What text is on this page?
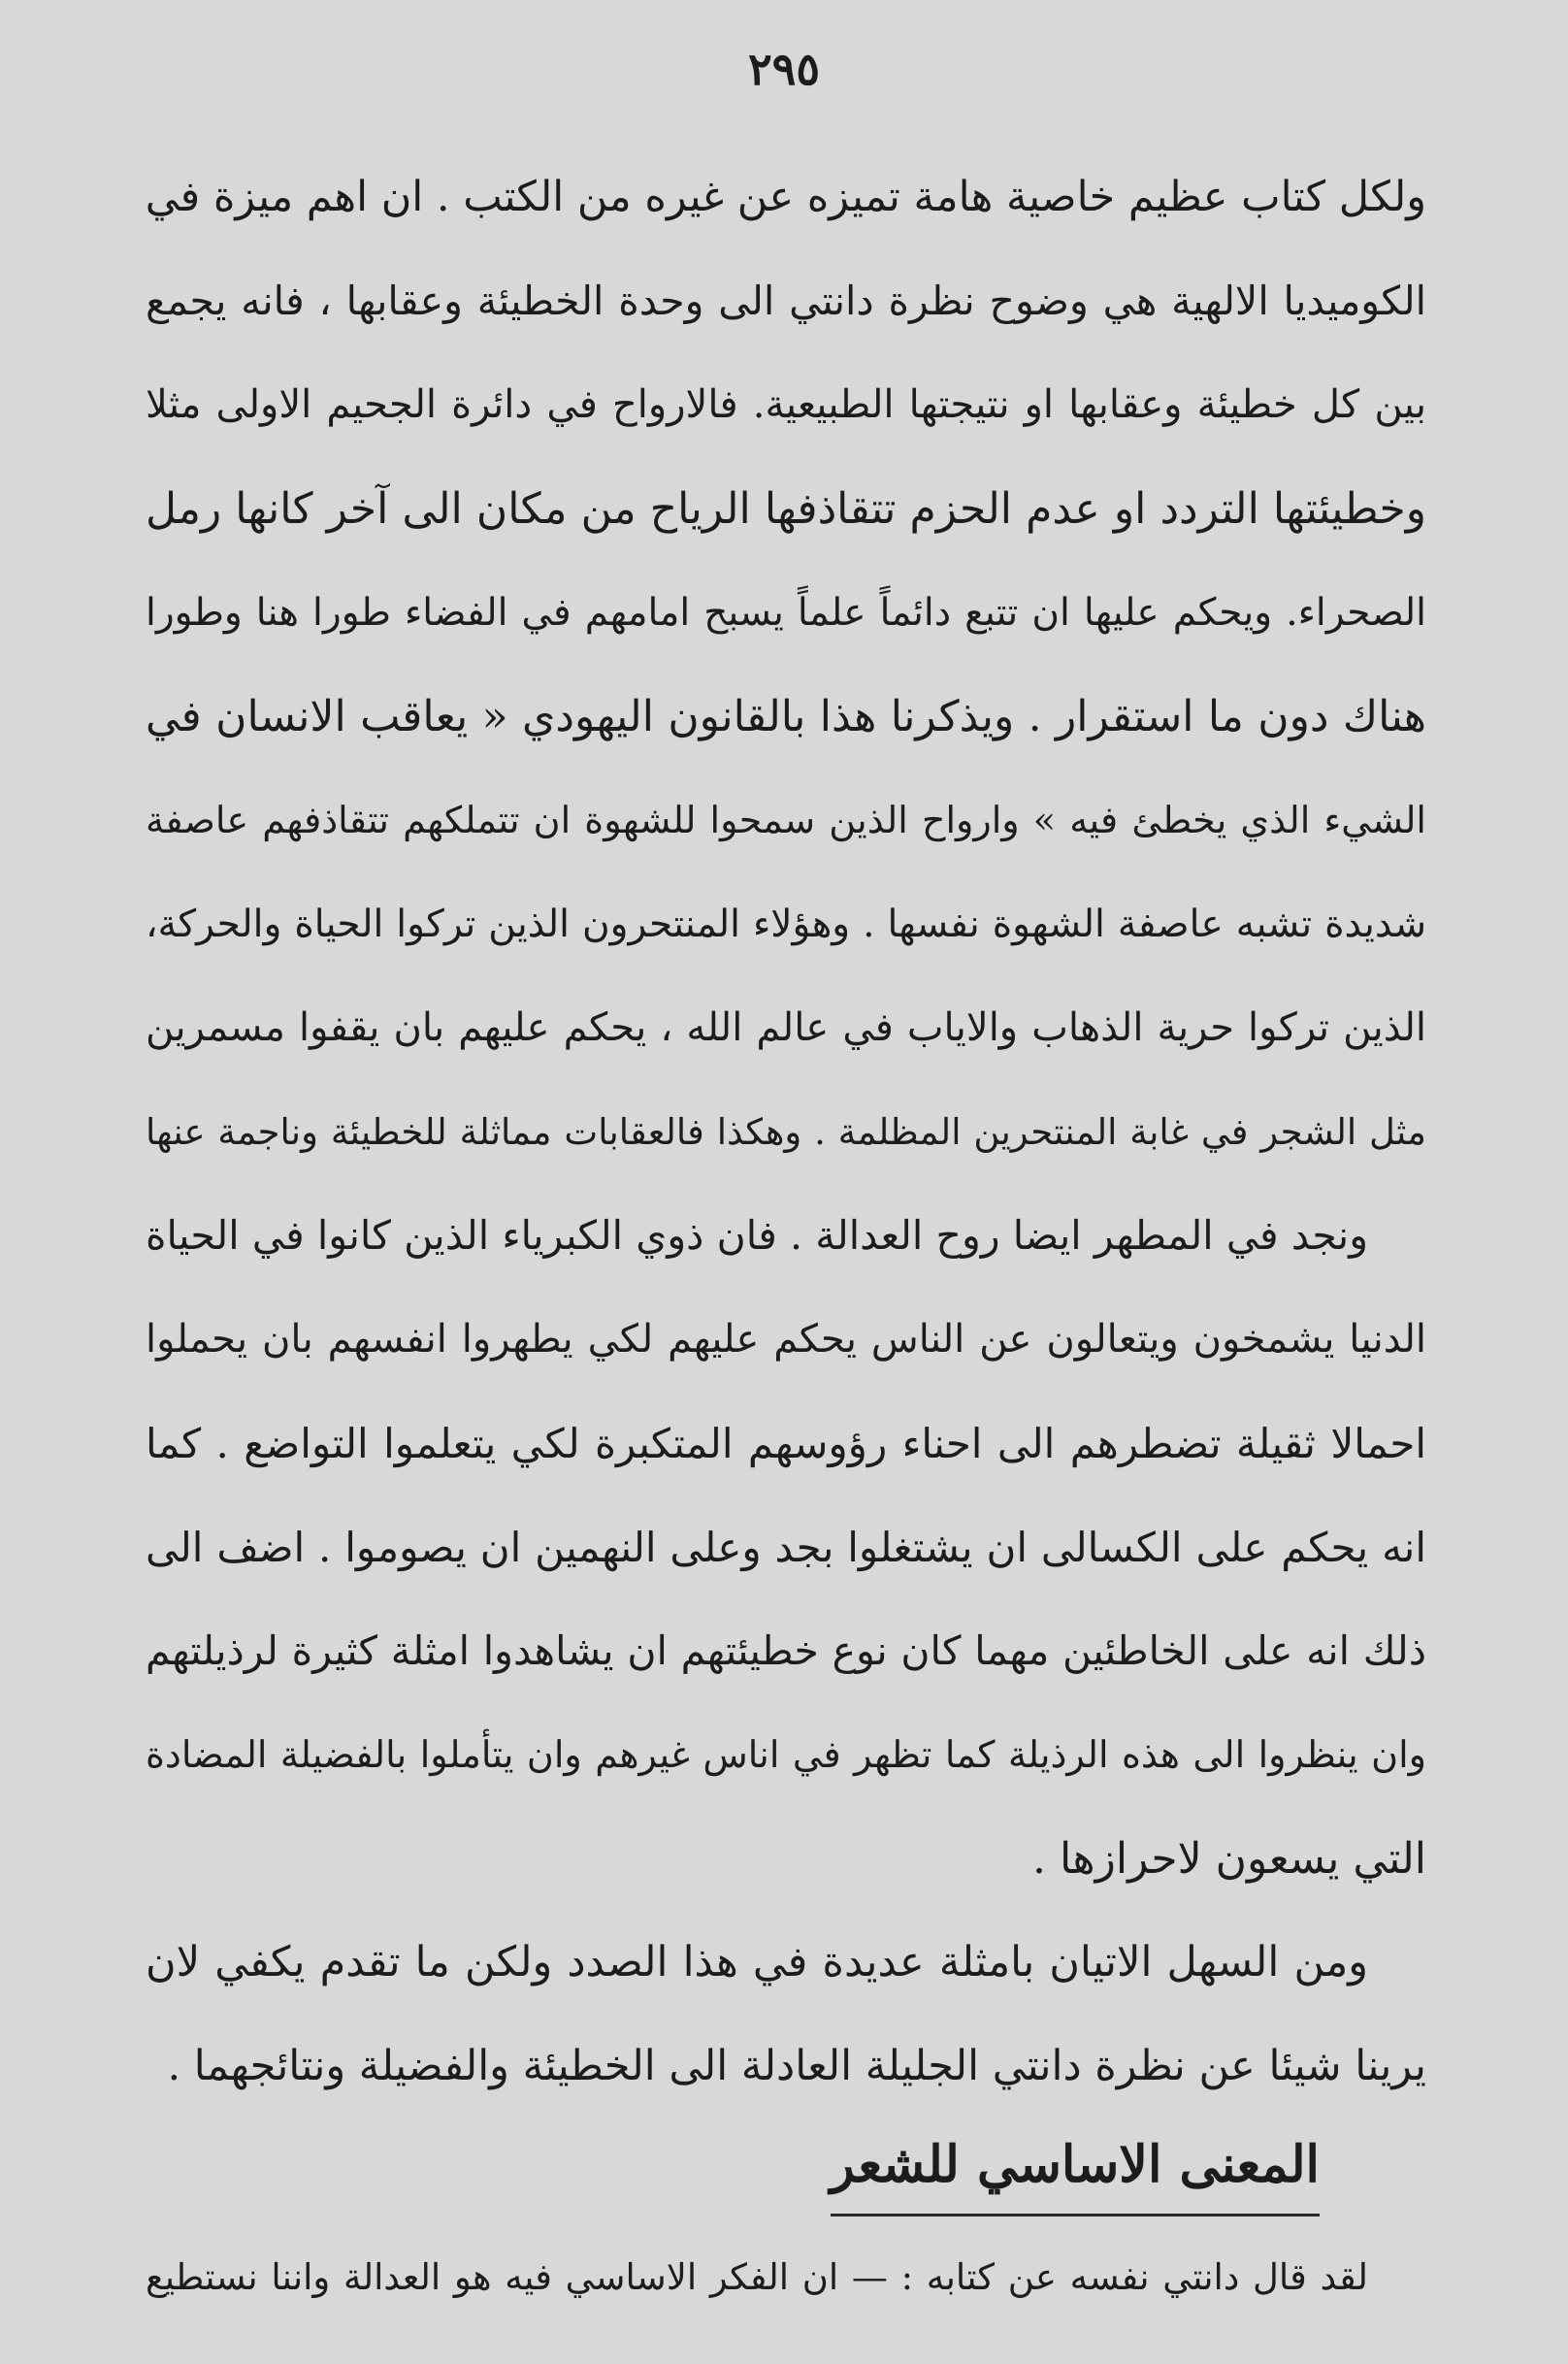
٢٩٥
ولكل كتاب عظيم خاصية هامة تميزه عن غيره من الكتب . ان اهم ميزة في
الكوميديا الالهية هي وضوح نظرة دانتي الى وحدة الخطيئة وعقابها ، فانه يجمع
بين كل خطيئة وعقابها او نتيجتها الطبيعية. فالارواح في دائرة الجحيم الاولى مثلا
وخطيئتها التردد او عدم الحزم تتقاذفها الرياح من مكان الى آخر كانها رمل
الصحراء. ويحكم عليها ان تتبع دائماً علماً يسبح امامهم في الفضاء طورا هنا وطورا
هناك دون ما استقرار . ويذكرنا هذا بالقانون اليهودي « يعاقب الانسان في
الشيء الذي يخطئ فيه » وارواح الذين سمحوا للشهوة ان تتملكهم تتقاذفهم عاصفة
شديدة تشبه عاصفة الشهوة نفسها . وهؤلاء المنتحرون الذين تركوا الحياة والحركة،
الذين تركوا حرية الذهاب والاياب في عالم الله ، يحكم عليهم بان يقفوا مسمرين
مثل الشجر في غابة المنتحرين المظلمة . وهكذا فالعقابات مماثلة للخطيئة وناجمة عنها
ونجد في المطهر ايضا روح العدالة . فان ذوي الكبرياء الذين كانوا في الحياة
الدنيا يشمخون ويتعالون عن الناس يحكم عليهم لكي يطهروا انفسهم بان يحملوا
احمالا ثقيلة تضطرهم الى احناء رؤوسهم المتكبرة لكي يتعلموا التواضع . كما
انه يحكم على الكسالى ان يشتغلوا بجد وعلى النهمين ان يصوموا . اضف الى
ذلك انه على الخاطئين مهما كان نوع خطيئتهم ان يشاهدوا امثلة كثيرة لرذيلتهم
وان ينظروا الى هذه الرذيلة كما تظهر في اناس غيرهم وان يتأملوا بالفضيلة المضادة
التي يسعون لاحرازها .
ومن السهل الاتيان بامثلة عديدة في هذا الصدد ولكن ما تقدم يكفي لان
يرينا شيئا عن نظرة دانتي الجليلة العادلة الى الخطيئة والفضيلة ونتائجهما .
المعنى الاساسي للشعر
لقد قال دانتي نفسه عن كتابه : — ان الفكر الاساسي فيه هو العدالة واننا نستطيع
